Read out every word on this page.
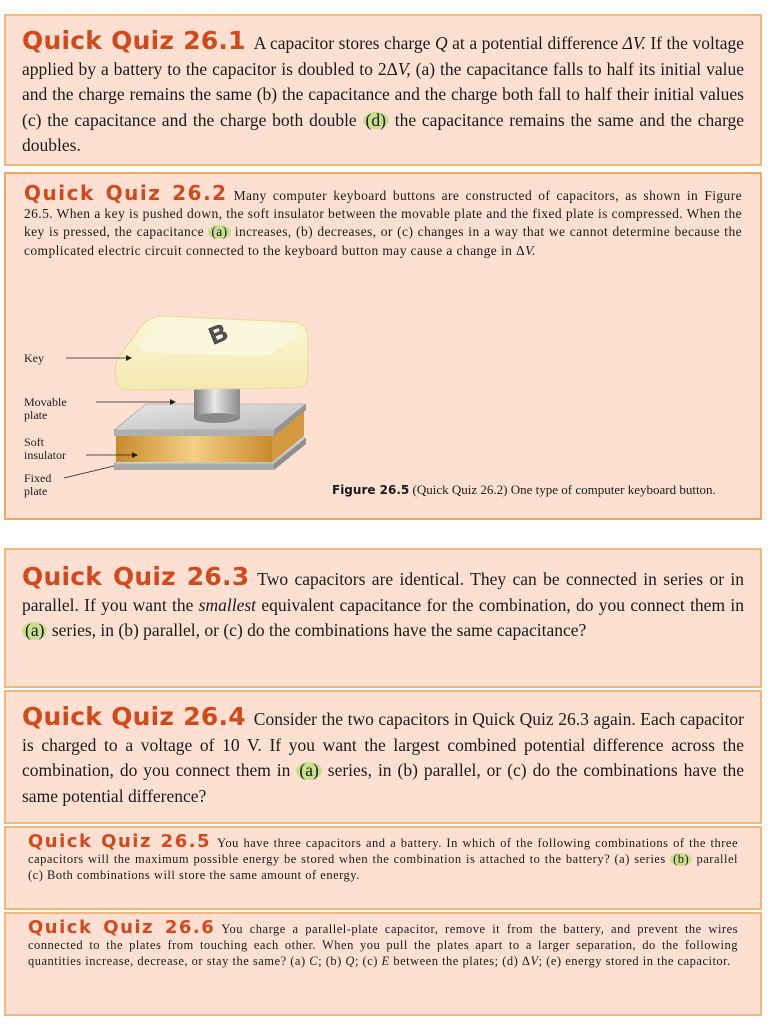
Quick Quiz 26.1 A capacitor stores charge Q at a potential difference ΔV. If the voltage applied by a battery to the capacitor is doubled to 2ΔV, (a) the capacitance falls to half its initial value and the charge remains the same (b) the capacitance and the charge both fall to half their initial values (c) the capacitance and the charge both double (d) the capacitance remains the same and the charge doubles.
Quick Quiz 26.2 Many computer keyboard buttons are constructed of capacitors, as shown in Figure 26.5. When a key is pushed down, the soft insulator between the movable plate and the fixed plate is compressed. When the key is pressed, the capacitance (a) increases, (b) decreases, or (c) changes in a way that we cannot determine because the complicated electric circuit connected to the keyboard button may cause a change in ΔV.
B
Key
Movable
plate
Soft
insulator
Fixed
plate	Figure 26.5 (Quick Quiz 26.2) One type of computer keyboard button.
Quick Quiz 26.3 Two capacitors are identical. They can be connected in series or in parallel. If you want the smallest equivalent capacitance for the combination, do you connect them in (a) series, in (b) parallel, or (c) do the combinations have the same capacitance?
Quick Quiz 26.4 Consider the two capacitors in Quick Quiz 26.3 again. Each capacitor is charged to a voltage of 10 V. If you want the largest combined potential difference across the combination, do you connect them in (a) series, in (b) parallel, or (c) do the combinations have the same potential difference?
Quick Quiz 26.5 You have three capacitors and a battery. In which of the following combinations of the three capacitors will the maximum possible energy be stored when the combination is attached to the battery? (a) series (b) parallel (c) Both combinations will store the same amount of energy.
Quick Quiz 26.6 You charge a parallel-plate capacitor, remove it from the battery, and prevent the wires connected to the plates from touching each other. When you pull the plates apart to a larger separation, do the following quantities increase, decrease, or stay the same? (a) C; (b) Q; (c) E between the plates; (d) ΔV; (e) energy stored in the capacitor.
